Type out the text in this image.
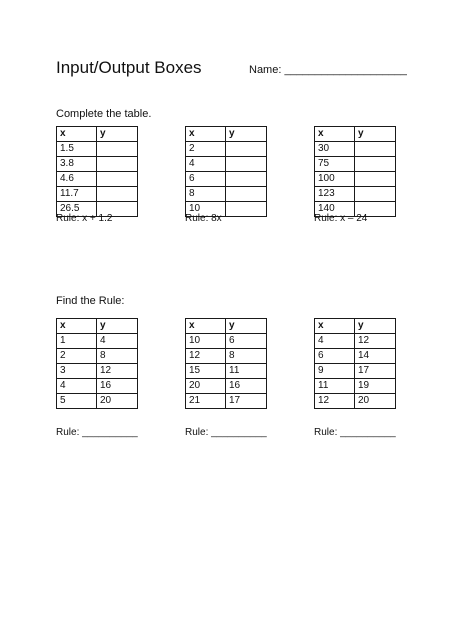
Input/Output Boxes	Name: ____________________
Complete the table.
x	y
1.5	
3.8	
4.6	
11.7	
26.5	
Rule: x + 1.2
x	y
2	
4	
6	
8	
10	
Rule: 8x
x	y
30	
75	
100	
123	
140	
Rule: x – 24
Find the Rule:
x	y
1	4
2	8
3	12
4	16
5	20
Rule: __________
x	y
10	6
12	8
15	11
20	16
21	17
Rule: __________
x	y
4	12
6	14
9	17
11	19
12	20
Rule: __________
